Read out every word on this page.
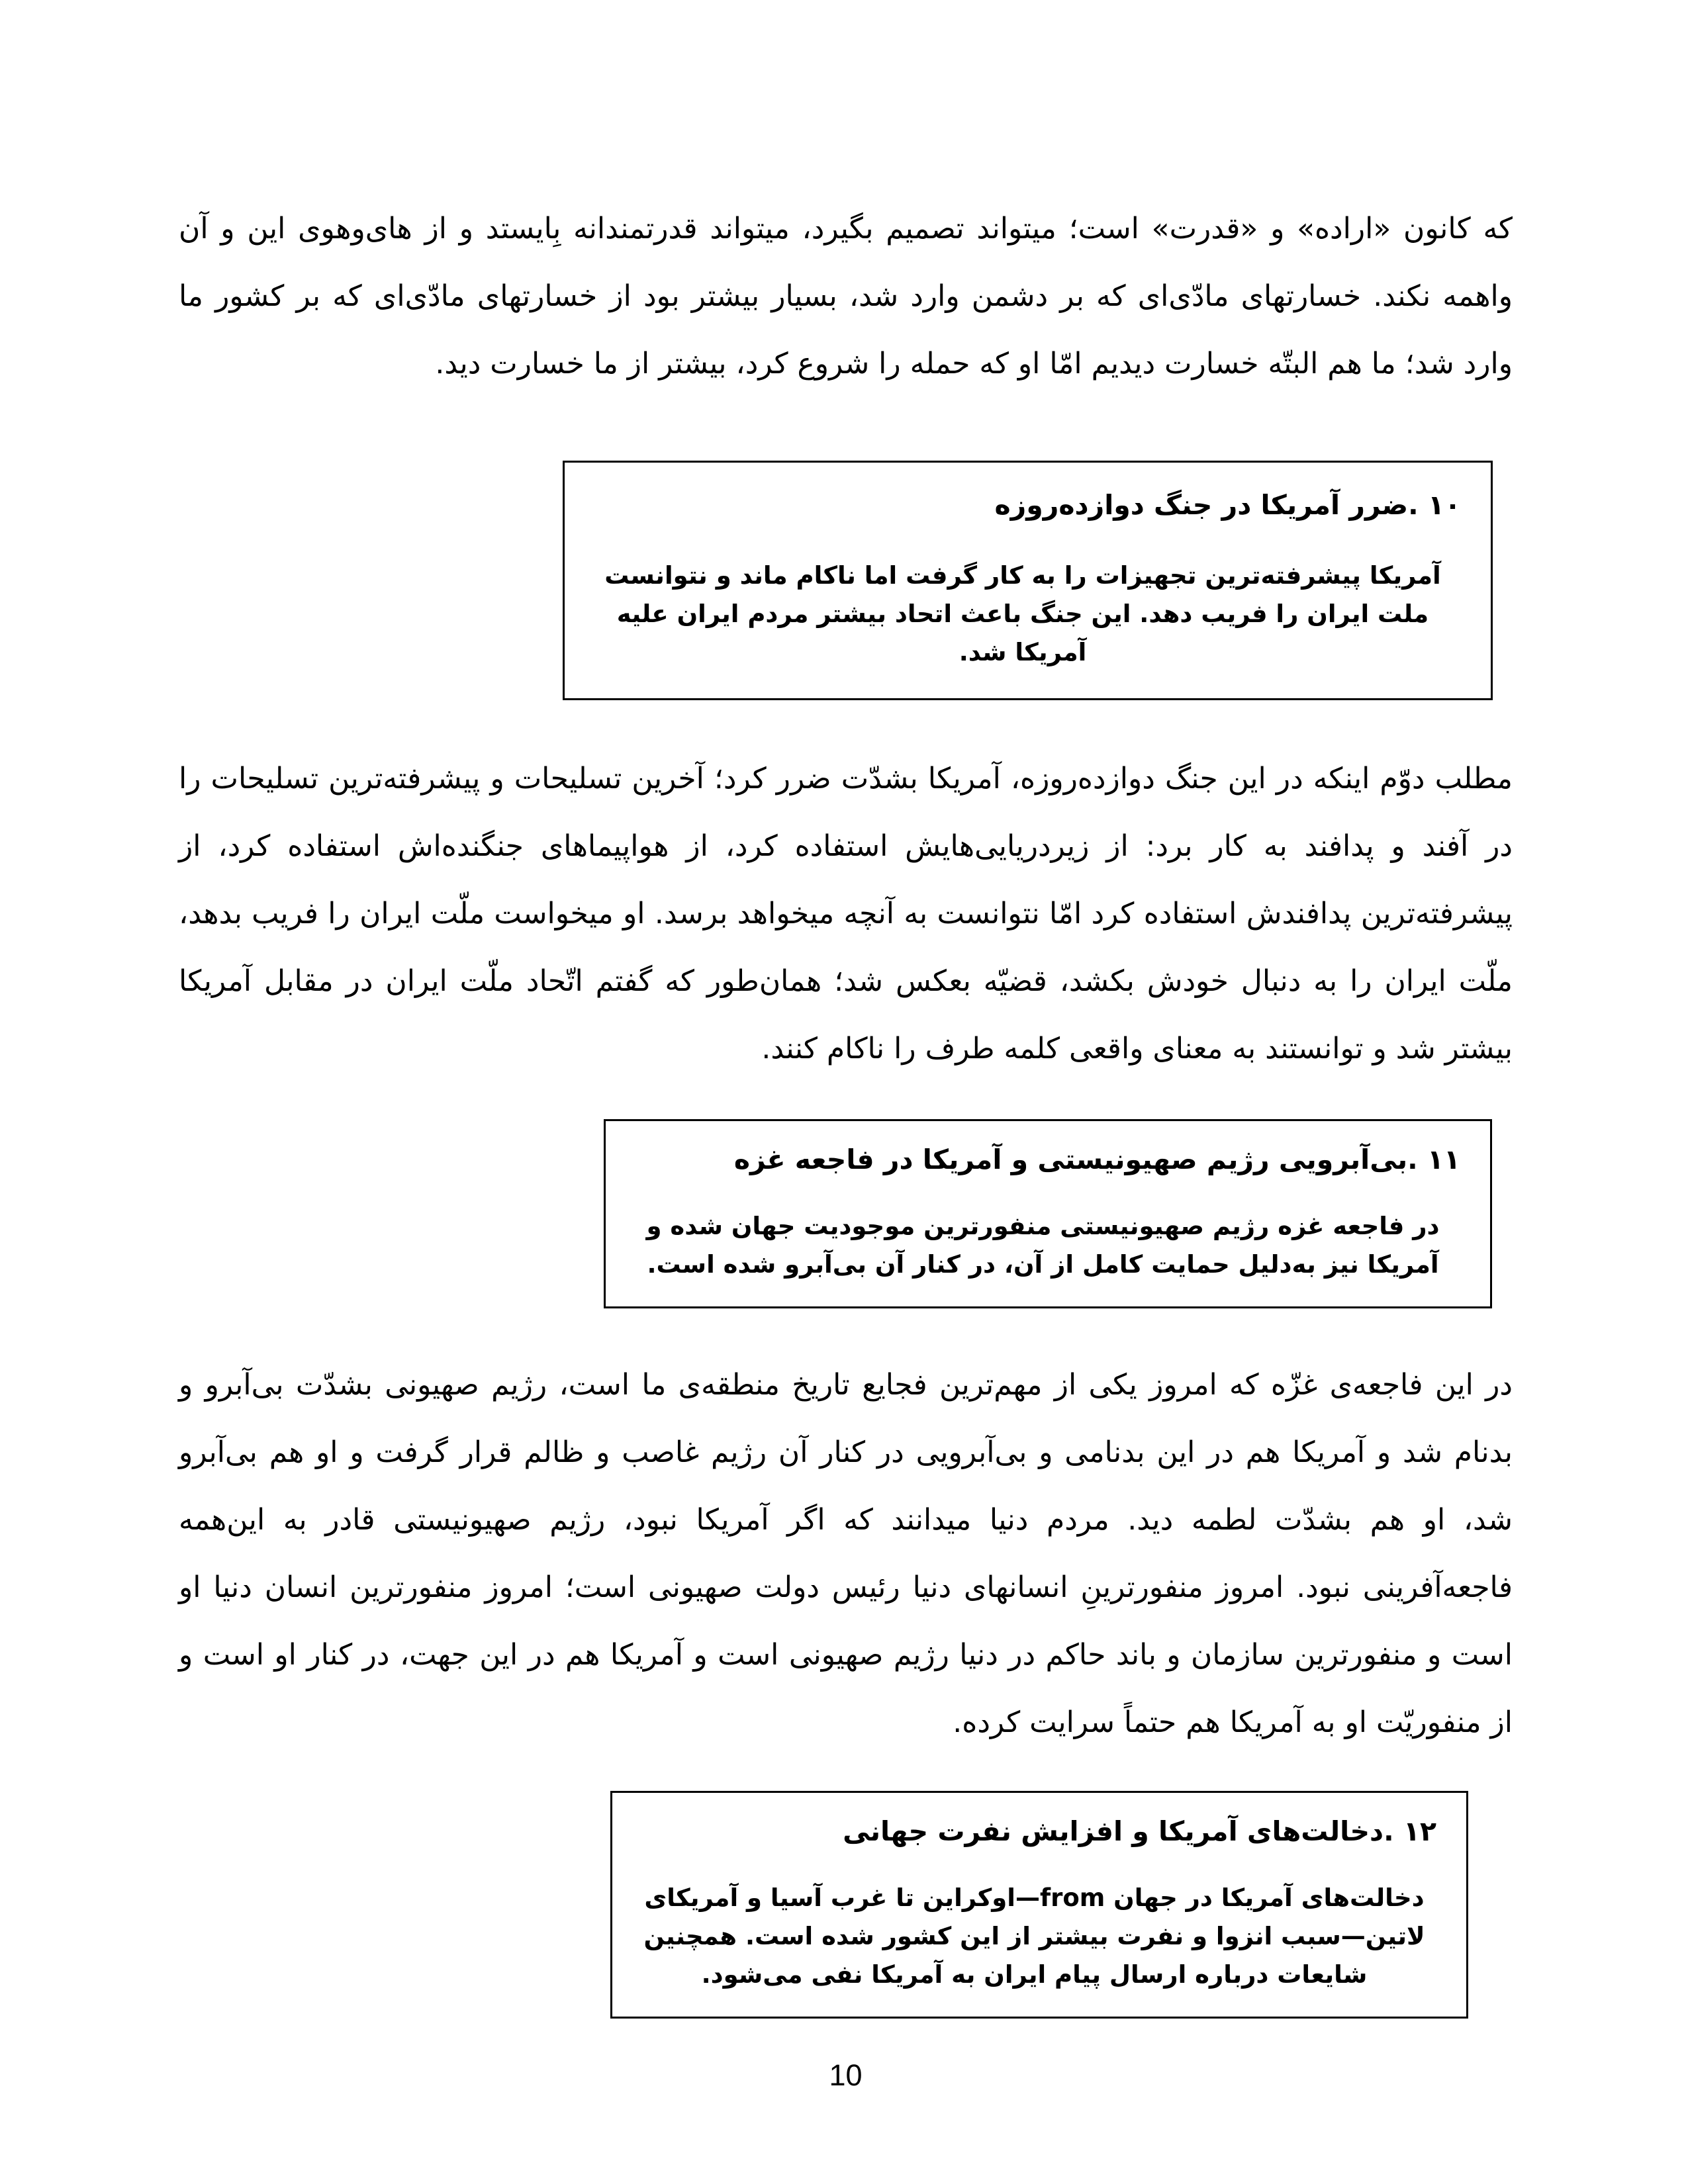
که کانون «اراده» و «قدرت» است؛ میتواند تصمیم بگیرد، میتواند قدرتمندانه بِایستد و از های‌وهوی این و آن واهمه نکند. خسارتهای مادّی‌ای که بر دشمن وارد شد، بسیار بیشتر بود از خسارتهای مادّی‌ای که بر کشور ما وارد شد؛ ما هم البتّه خسارت دیدیم امّا او که حمله را شروع کرد، بیشتر از ما خسارت دید.

۱۰ .ضرر آمریکا در جنگ دوازده‌روزه
آمریکا پیشرفته‌ترین تجهیزات را به کار گرفت اما ناکام ماند و نتوانست ملت ایران را فریب دهد. این جنگ باعث اتحاد بیشتر مردم ایران علیه آمریکا شد.

مطلب دوّم اینکه در این جنگ دوازده‌روزه، آمریکا بشدّت ضرر کرد؛ آخرین تسلیحات و پیشرفته‌ترین تسلیحات را در آفند و پدافند به کار برد: از زیردریایی‌هایش استفاده کرد، از هواپیماهای جنگنده‌اش استفاده کرد، از پیشرفته‌ترین پدافندش استفاده کرد امّا نتوانست به آنچه میخواهد برسد. او میخواست ملّت ایران را فریب بدهد، ملّت ایران را به دنبال خودش بکشد، قضیّه بعکس شد؛ همان‌طور که گفتم اتّحاد ملّت ایران در مقابل آمریکا بیشتر شد و توانستند به معنای واقعی کلمه طرف را ناکام کنند.

۱۱ .بی‌آبرویی رژیم صهیونیستی و آمریکا در فاجعه غزه
در فاجعه غزه رژیم صهیونیستی منفورترین موجودیت جهان شده و آمریکا نیز به‌دلیل حمایت کامل از آن، در کنار آن بی‌آبرو شده است.

در این فاجعه‌ی غزّه که امروز یکی از مهم‌ترین فجایع تاریخ منطقه‌ی ما است، رژیم صهیونی بشدّت بی‌آبرو و بدنام شد و آمریکا هم در این بدنامی و بی‌آبرویی در کنار آن رژیم غاصب و ظالم قرار گرفت و او هم بی‌آبرو شد، او هم بشدّت لطمه دید. مردم دنیا میدانند که اگر آمریکا نبود، رژیم صهیونیستی قادر به این‌همه فاجعه‌آفرینی نبود. امروز منفورترینِ انسانهای دنیا رئیس دولت صهیونی است؛ امروز منفورترین انسان دنیا او است و منفورترین سازمان و باند حاکم در دنیا رژیم صهیونی است و آمریکا هم در این جهت، در کنار او است و از منفوریّت او به آمریکا هم حتماً سرایت کرده.

۱۲ .دخالت‌های آمریکا و افزایش نفرت جهانی
دخالت‌های آمریکا در جهان from—اوکراین تا غرب آسیا و آمریکای لاتین—سبب انزوا و نفرت بیشتر از این کشور شده است. همچنین شایعات درباره ارسال پیام ایران به آمریکا نفی می‌شود.
10
